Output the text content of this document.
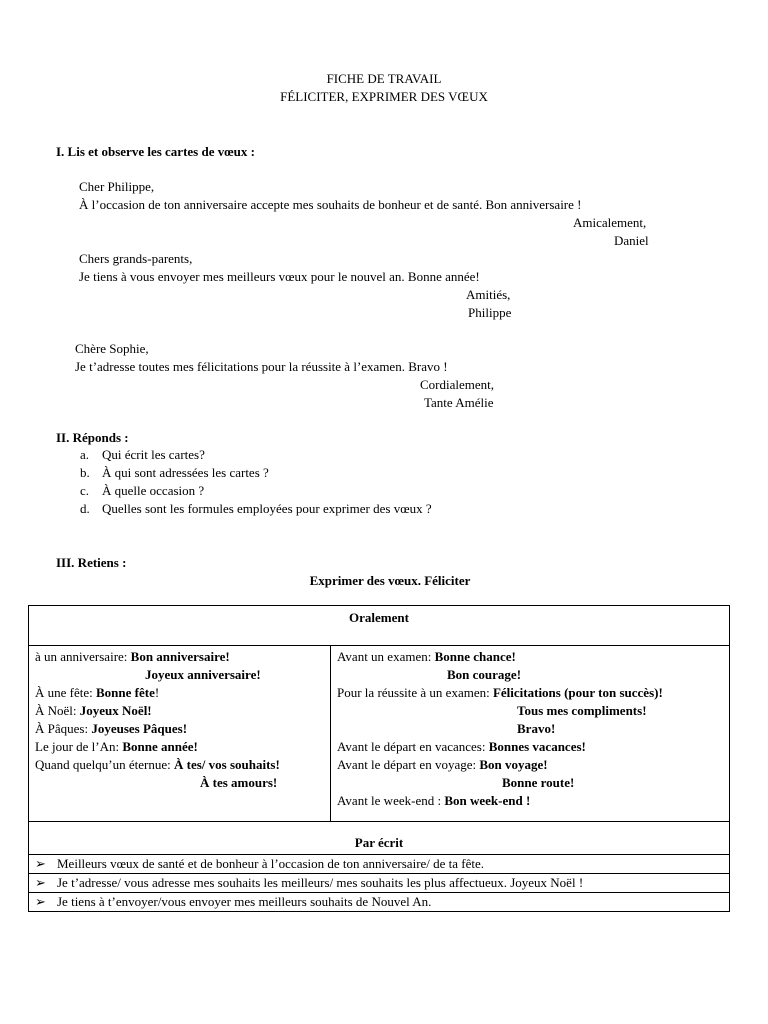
FICHE DE TRAVAIL
FÉLICITER, EXPRIMER DES VŒUX
I. Lis et observe les cartes de vœux :
Cher Philippe,
À l’occasion de ton anniversaire accepte mes souhaits de bonheur et de santé. Bon anniversaire !
Amicalement,
Daniel
Chers grands-parents,
Je tiens à vous envoyer mes meilleurs vœux pour le nouvel an. Bonne année!
Amitiés,
Philippe
Chère Sophie,
Je t’adresse toutes mes félicitations pour la réussite à l’examen. Bravo !
Cordialement,
Tante Amélie
II. Réponds :
a. Qui écrit les cartes?
b. À qui sont adressées les cartes ?
c. À quelle occasion ?
d. Quelles sont les formules employées pour exprimer des vœux ?
III. Retiens :
Exprimer des vœux. Féliciter
Oralement

à un anniversaire: Bon anniversaire!
Joyeux anniversaire!
À une fête: Bonne fête!
À Noël: Joyeux Noël!
À Pâques: Joyeuses Pâques!
Le jour de l’An: Bonne année!
Quand quelqu’un éternue: À tes/ vos souhaits!
À tes amours!

Avant un examen: Bonne chance!
Bon courage!
Pour la réussite à un examen: Félicitations (pour ton succès)!
Tous mes compliments!
Bravo!
Avant le départ en vacances: Bonnes vacances!
Avant le départ en voyage: Bon voyage!
Bonne route!
Avant le week-end : Bon week-end !

Par écrit
➢ Meilleurs vœux de santé et de bonheur à l’occasion de ton anniversaire/ de ta fête.
➢ Je t’adresse/ vous adresse mes souhaits les meilleurs/ mes souhaits les plus affectueux. Joyeux Noël !
➢ Je tiens à t’envoyer/vous envoyer mes meilleurs souhaits de Nouvel An.
